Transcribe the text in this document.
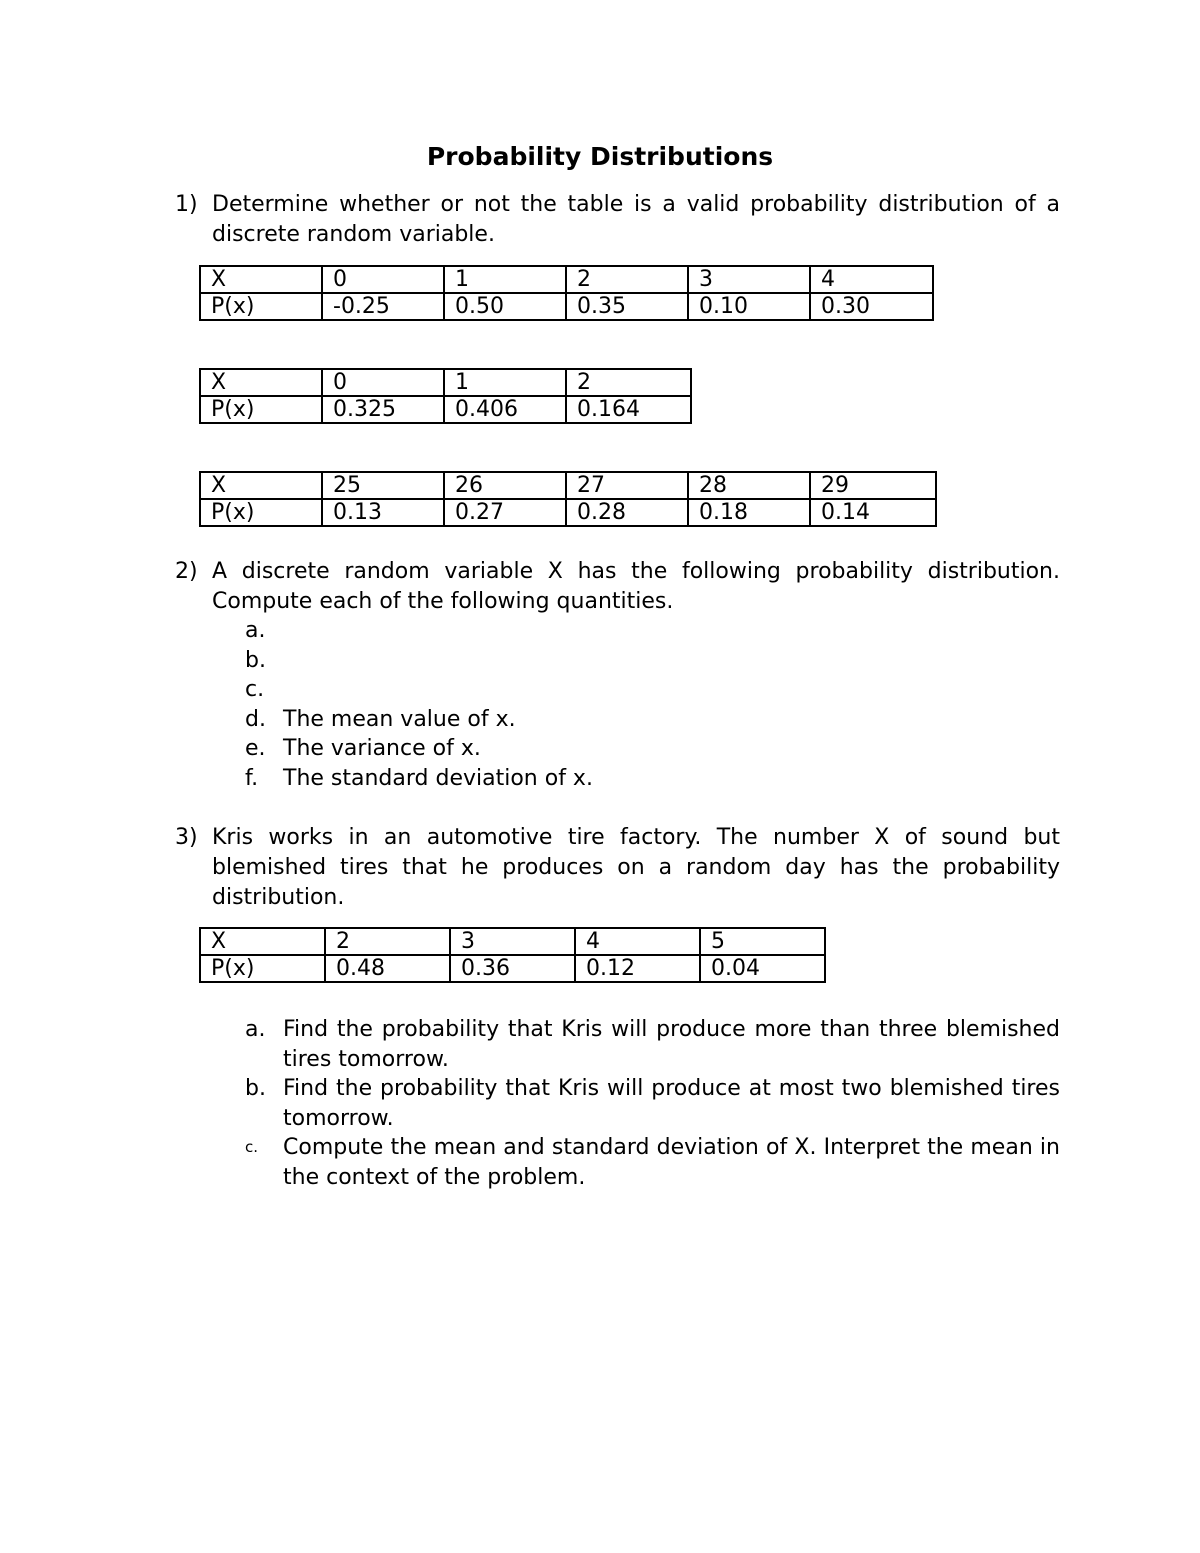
Probability Distributions
1) Determine whether or not the table is a valid probability distribution of a discrete random variable.
X	0	1	2	3	4
P(x)	-0.25	0.50	0.35	0.10	0.30
X	0	1	2
P(x)	0.325	0.406	0.164
X	25	26	27	28	29
P(x)	0.13	0.27	0.28	0.18	0.14
2) A discrete random variable X has the following probability distribution. Compute each of the following quantities.
a.
b.
c.
d. The mean value of x.
e. The variance of x.
f. The standard deviation of x.
3) Kris works in an automotive tire factory. The number X of sound but blemished tires that he produces on a random day has the probability distribution.
X	2	3	4	5
P(x)	0.48	0.36	0.12	0.04
a. Find the probability that Kris will produce more than three blemished tires tomorrow.
b. Find the probability that Kris will produce at most two blemished tires tomorrow.
c. Compute the mean and standard deviation of X. Interpret the mean in the context of the problem.
